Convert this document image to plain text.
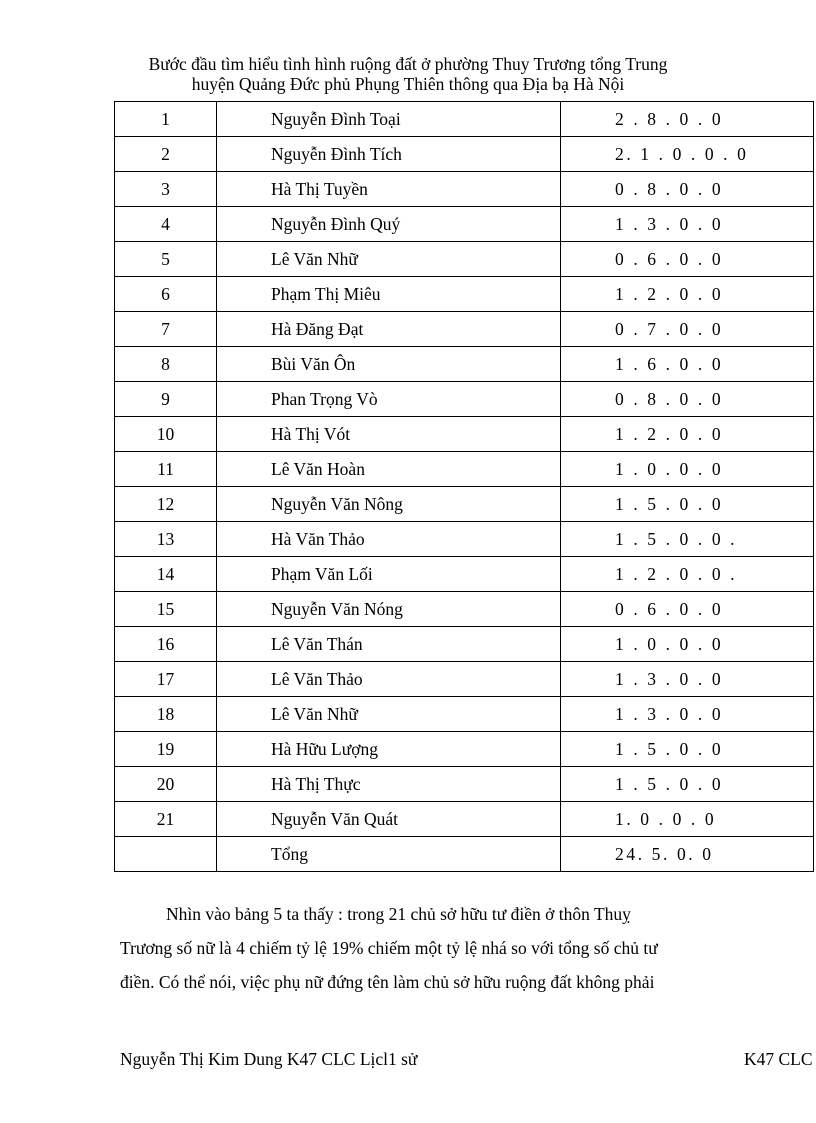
Bước đầu tìm hiểu tình hình ruộng đất ở phường Thuy Trương tổng Trung
huyện Quảng Đức phủ Phụng Thiên thông qua Địa bạ Hà Nội
1	Nguyễn Đình Toại	2 . 8 . 0 . 0
2	Nguyễn Đình Tích	2. 1 . 0 . 0 . 0
3	Hà Thị Tuyền	0 . 8 . 0 . 0
4	Nguyễn Đình Quý	1 . 3 . 0 . 0
5	Lê Văn Nhữ	0 . 6 . 0 . 0
6	Phạm Thị Miêu	1 . 2 . 0 . 0
7	Hà Đăng Đạt	0 . 7 . 0 . 0
8	Bùi Văn Ôn	1 . 6 . 0 . 0
9	Phan Trọng Vò	0 . 8 . 0 . 0
10	Hà Thị Vót	1 . 2 . 0 . 0
11	Lê Văn Hoàn	1 . 0 . 0 . 0
12	Nguyễn Văn Nông	1 . 5 . 0 . 0
13	Hà Văn Thảo	1 . 5 . 0 . 0 .
14	Phạm Văn Lối	1 . 2 . 0 . 0 .
15	Nguyễn Văn Nóng	0 . 6 . 0 . 0
16	Lê Văn Thán	1 . 0 . 0 . 0
17	Lê Văn Thảo	1 . 3 . 0 . 0
18	Lê Văn Nhữ	1 . 3 . 0 . 0
19	Hà Hữu Lượng	1 . 5 . 0 . 0
20	Hà Thị Thực	1 . 5 . 0 . 0
21	Nguyễn Văn Quát	1. 0 . 0 . 0
	Tổng	24. 5. 0. 0
Nhìn vào bảng 5 ta thấy : trong 21 chủ sở hữu tư điền ở thôn Thuỵ
Trương số nữ là 4 chiếm tỷ lệ 19% chiếm một tỷ lệ nhá so với tổng số chủ tư
điền. Có thể nói, việc phụ nữ đứng tên làm chủ sở hữu ruộng đất không phải
Nguyễn Thị Kim Dung K47 CLC Lịcl1 sử	K47 CLC
